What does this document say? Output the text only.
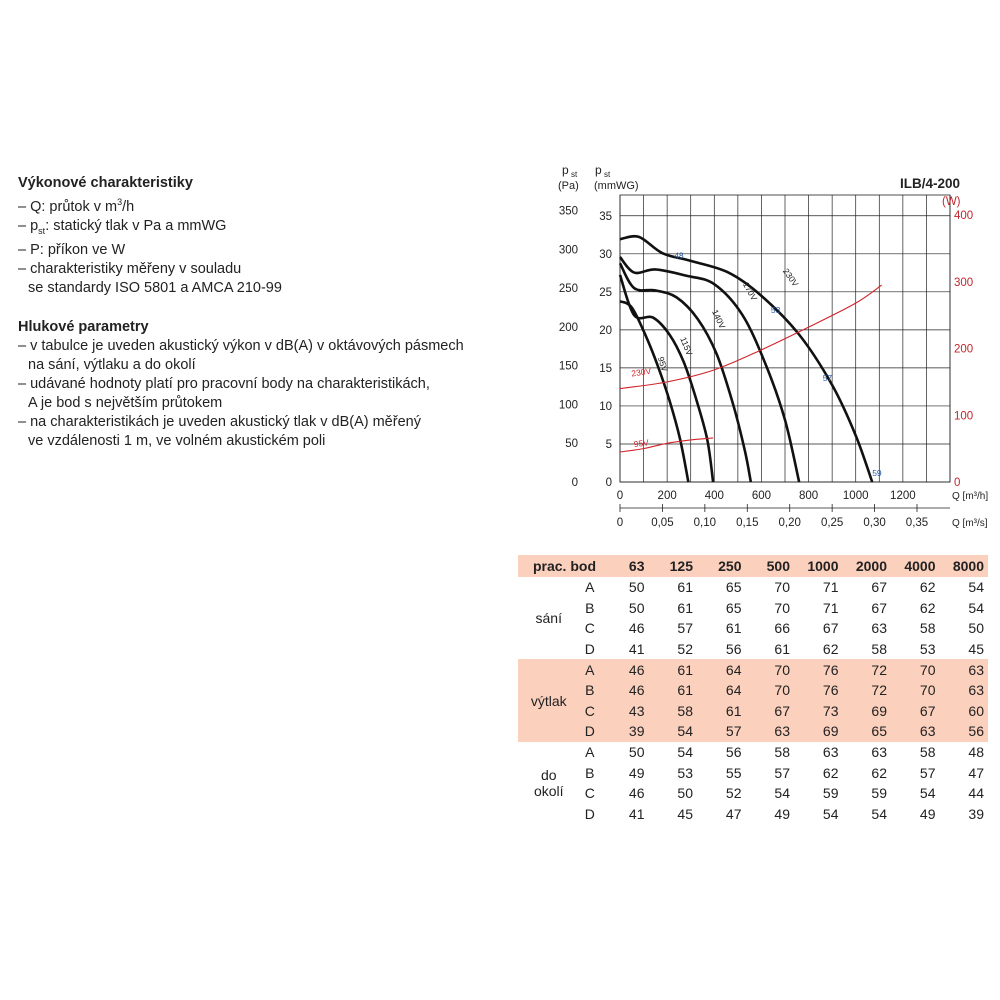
Výkonové charakteristiky
– Q: průtok v $m^3/h$
– $p_{st}$: statický tlak v Pa a mmWG
– P: příkon ve W
– charakteristiky měřeny v souladu
se standardy ISO 5801 a AMCA 210-99
Hlukové parametry
– v tabulce je uveden akustický výkon v dB(A) v oktávových pásmech
na sání, výtlaku a do okolí
– udávané hodnoty platí pro pracovní body na charakteristikách,
A je bod s největším průtokem
– na charakteristikách je uveden akustický tlak v dB(A) měřený
ve vzdálenosti 1 m, ve volném akustickém poli
0
50
100
150
200
250
300
350
0
5
10
15
20
25
30
35
0
100
200
300
400
(W)
0	200 400 600 800 1000 1200	Q [m³/h]
0 0,05 0,10 0,15 0,20 0,25 0,30 0,35 Q [m³/s]
p st
(Pa)
p st
(mmWG)	ILB/4-200
230V
170V
140V
115V
95V
230V
95V
48
53
57
59
prac. bod		63	125	250	500	1000	2000	4000	8000

sání	A	50	61	65	70	71	67	62	54
	B	50	61	65	70	71	67	62	54
	C	46	57	61	66	67	63	58	50
	D	41	52	56	61	62	58	53	45

výtlak	A	46	61	64	70	76	72	70	63
	B	46	61	64	70	76	72	70	63
	C	43	58	61	67	73	69	67	60
	D	39	54	57	63	69	65	63	56

do
okolí	A	50	54	56	58	63	63	58	48
	B	49	53	55	57	62	62	57	47
	C	46	50	52	54	59	59	54	44
	D	41	45	47	49	54	54	49	39
